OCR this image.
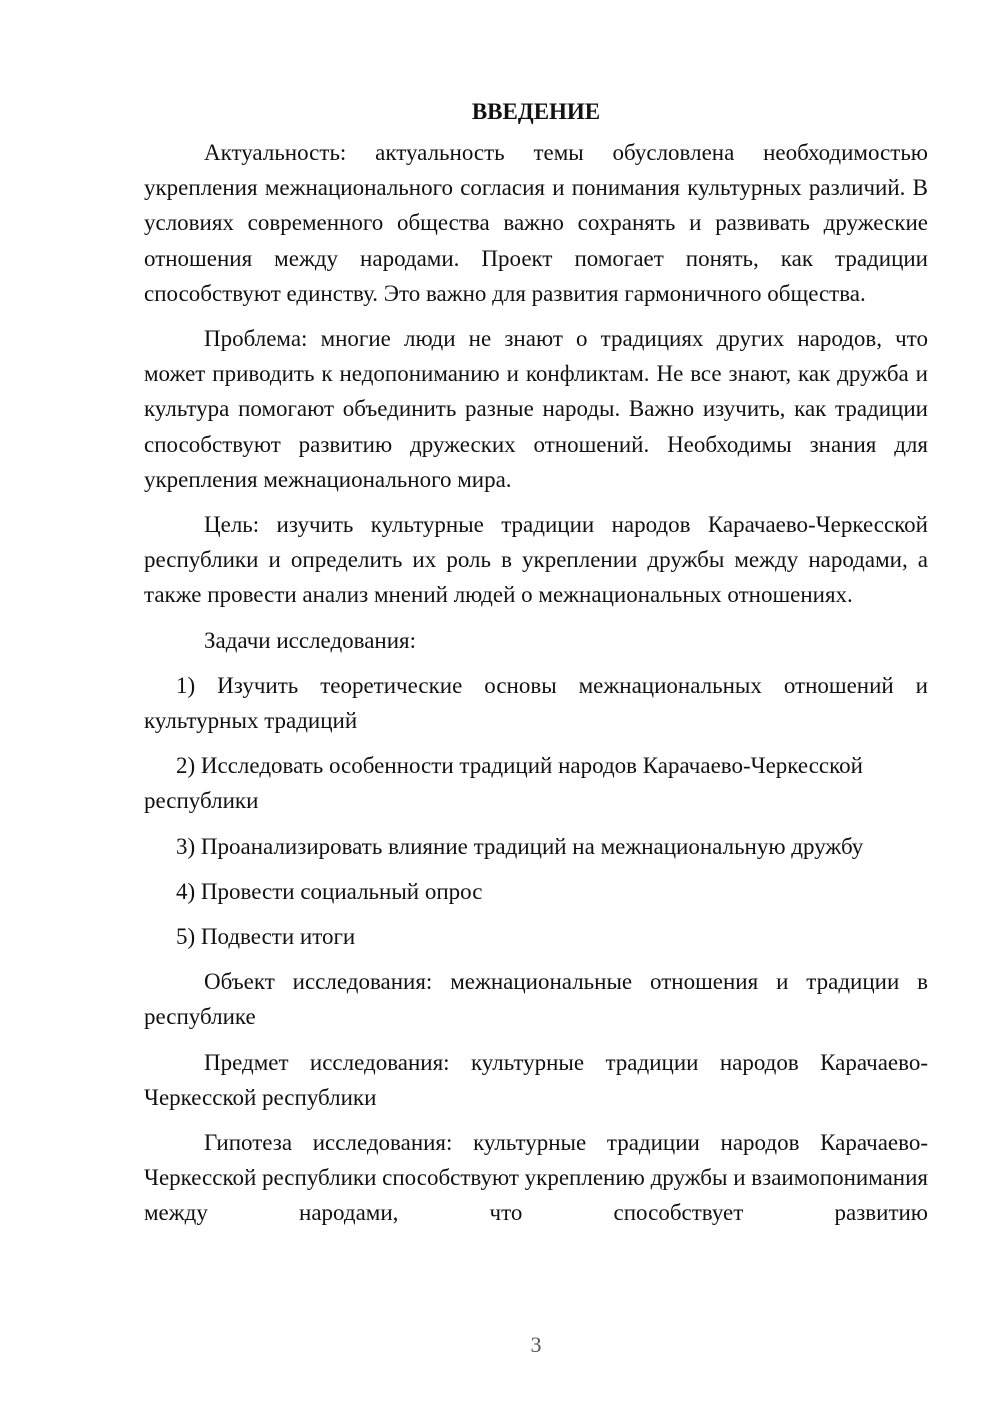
ВВЕДЕНИЕ

Актуальность: актуальность темы обусловлена необходимостью укрепления межнационального согласия и понимания культурных различий. В условиях современного общества важно сохранять и развивать дружеские отношения между народами. Проект помогает понять, как традиции способствуют единству. Это важно для развития гармоничного общества.

Проблема: многие люди не знают о традициях других народов, что может приводить к недопониманию и конфликтам. Не все знают, как дружба и культура помогают объединить разные народы. Важно изучить, как традиции способствуют развитию дружеских отношений. Необходимы знания для укрепления межнационального мира.

Цель: изучить культурные традиции народов Карачаево-Черкесской республики и определить их роль в укреплении дружбы между народами, а также провести анализ мнений людей о межнациональных отношениях.

Задачи исследования:

1) Изучить теоретические основы межнациональных отношений и культурных традиций

2) Исследовать особенности традиций народов Карачаево-Черкесской республики

3) Проанализировать влияние традиций на межнациональную дружбу

4) Провести социальный опрос

5) Подвести итоги

Объект исследования: межнациональные отношения и традиции в республике

Предмет исследования: культурные традиции народов Карачаево-Черкесской республики

Гипотеза исследования: культурные традиции народов Карачаево-Черкесской республики способствуют укреплению дружбы и взаимопонимания между народами, что способствует развитию

3
